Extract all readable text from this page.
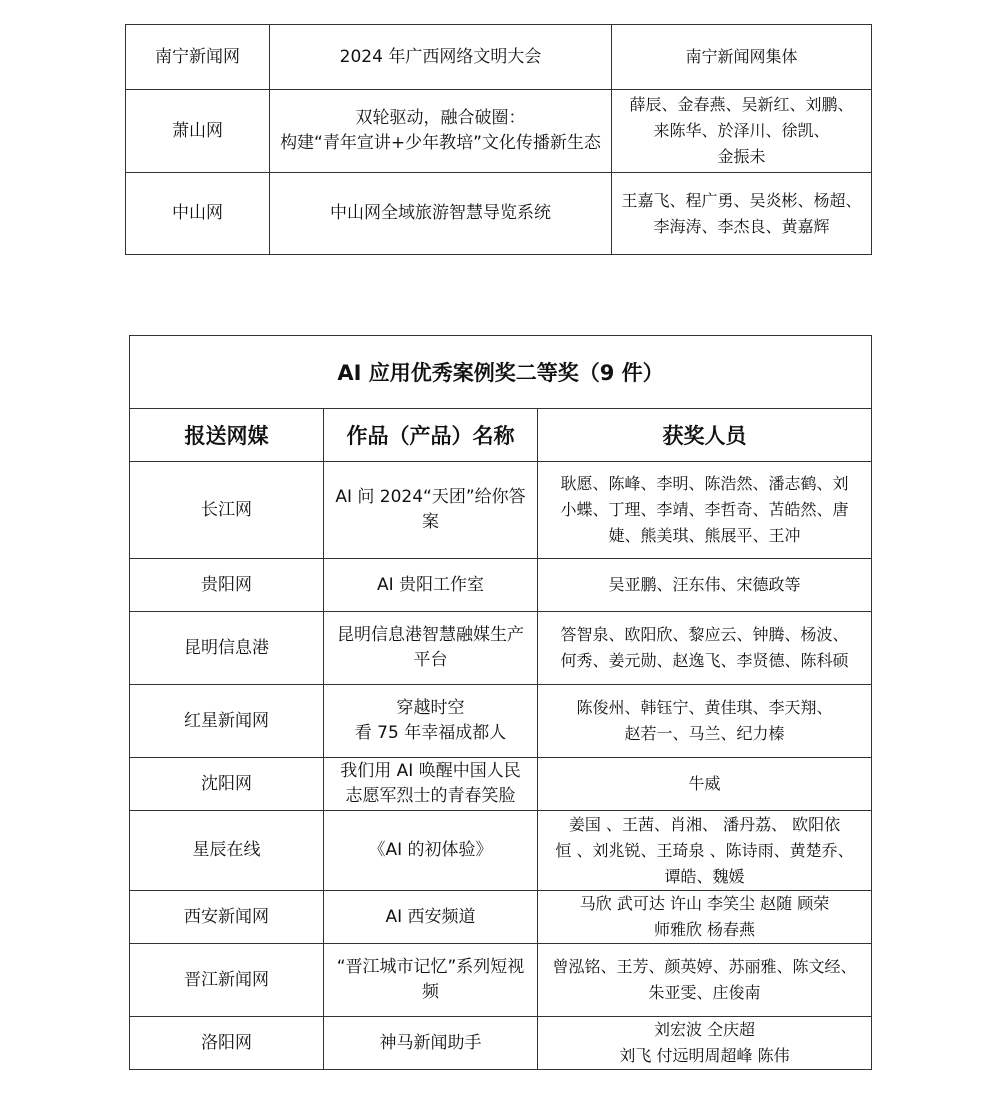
南宁新闻网	2024 年广西网络文明大会	南宁新闻网集体

萧山网	双轮驱动，融合破圈：
构建“青年宣讲+少年教培”文化传播新生态	薛辰、金春燕、吴新红、刘鹏、
来陈华、於泽川、徐凯、
金振未

中山网	中山网全域旅游智慧导览系统	王嘉飞、程广勇、吴炎彬、杨超、
李海涛、李杰良、黄嘉辉
AI 应用优秀案例奖二等奖（9 件）		
报送网媒	作品（产品）名称	获奖人员
长江网	AI 问 2024“天团”给你答案	耿愿、陈峰、李明、陈浩然、潘志鹤、刘
小蝶、丁理、李靖、李哲奇、苫皓然、唐
婕、熊美琪、熊展平、王冲

贵阳网	AI 贵阳工作室	吴亚鹏、汪东伟、宋德政等

昆明信息港	昆明信息港智慧融媒生产
平台	答智泉、欧阳欣、黎应云、钟腾、杨波、
何秀、姜元勋、赵逸飞、李贤德、陈科硕

红星新闻网	穿越时空
看 75 年幸福成都人	陈俊州、韩钰宁、黄佳琪、李天翔、
赵若一、马兰、纪力榛

沈阳网	我们用 AI 唤醒中国人民
志愿军烈士的青春笑脸	牛威

星辰在线	《AI 的初体验》	姜国 、王茜、肖湘、 潘丹荔、 欧阳依
恒 、刘兆锐、王琦泉 、陈诗雨、黄楚乔、
谭皓、魏媛

西安新闻网	AI 西安频道	马欣 武可达 许山 李笑尘 赵随 顾荣
师雅欣 杨春燕

晋江新闻网	“晋江城市记忆”系列短视
频	曾泓铭、王芳、颜英婷、苏丽雅、陈文经、
朱亚雯、庄俊南

洛阳网	神马新闻助手	刘宏波 仝庆超
刘飞 付远明周超峰 陈伟
